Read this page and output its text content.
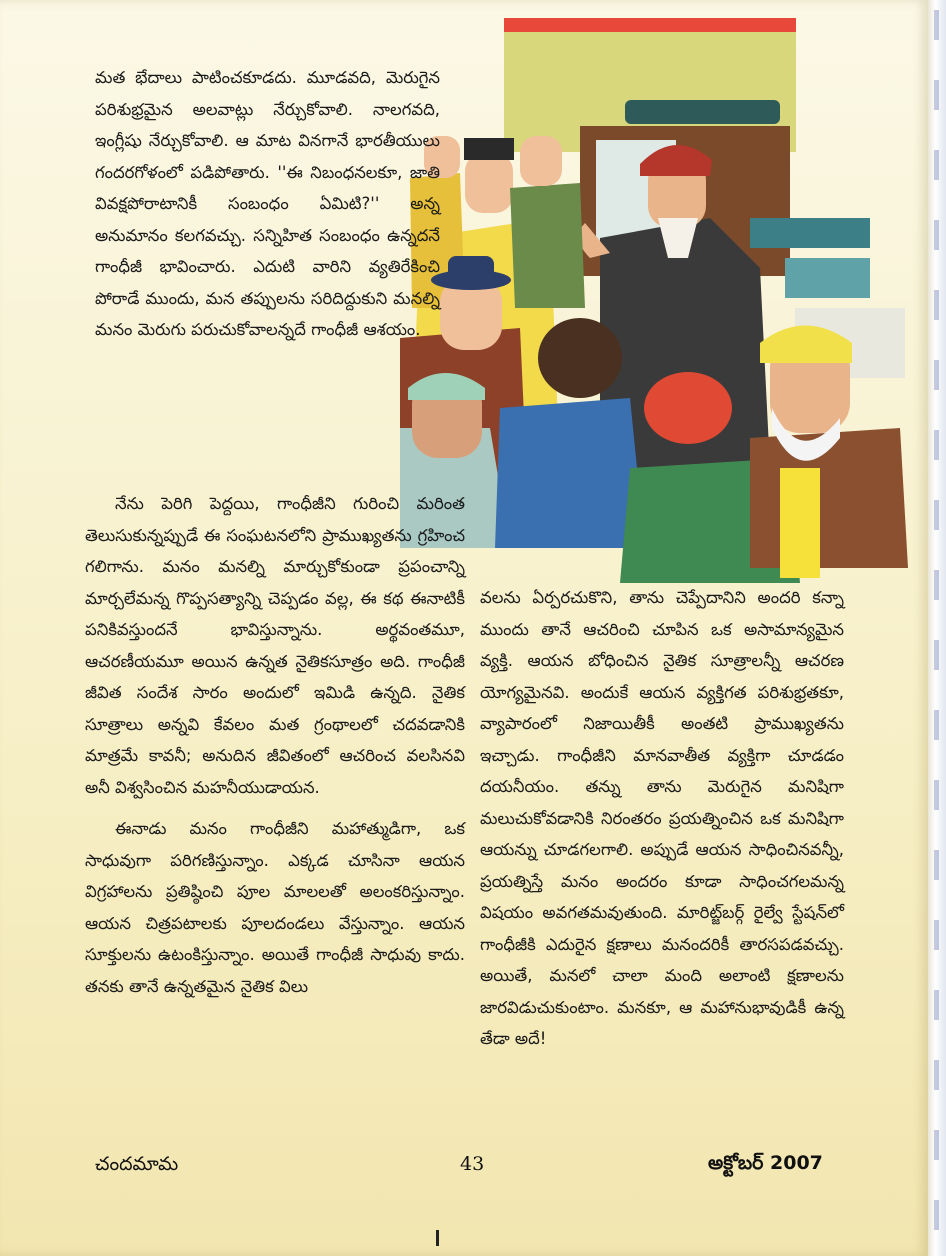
మత భేదాలు పాటించకూడదు. మూడవది, మెరుగైన పరిశుభ్రమైన అలవాట్లు నేర్చుకోవాలి. నాలగవది, ఇంగ్లీషు నేర్చుకోవాలి. ఆ మాట వినగానే భారతీయులు గందరగోళంలో పడిపోతారు. ''ఈ నిబంధనలకూ, జాతి వివక్షపోరాటానికీ సంబంధం ఏమిటి?'' అన్న అనుమానం కలగవచ్చు. సన్నిహిత సంబంధం ఉన్నదనే గాంధీజీ భావించారు. ఎదుటి వారిని వ్యతిరేకించి పోరాడే ముందు, మన తప్పులను సరిదిద్దుకుని మనల్ని మనం మెరుగు పరుచుకోవాలన్నదే గాంధీజీ ఆశయం.

నేను పెరిగి పెద్దయి, గాంధీజీని గురించి మరింత తెలుసుకున్నప్పుడే ఈ సంఘటనలోని ప్రాముఖ్యతను గ్రహించ గలిగాను. మనం మనల్ని మార్చుకోకుండా ప్రపంచాన్ని మార్చలేమన్న గొప్పసత్యాన్ని చెప్పడం వల్ల, ఈ కథ ఈనాటికీ పనికివస్తుందనే భావిస్తున్నాను. అర్థవంతమూ, ఆచరణీయమూ అయిన ఉన్నత నైతికసూత్రం అది. గాంధీజీ జీవిత సందేశ సారం అందులో ఇమిడి ఉన్నది. నైతిక సూత్రాలు అన్నవి కేవలం మత గ్రంథాలలో చదవడానికి మాత్రమే కావనీ; అనుదిన జీవితంలో ఆచరించ వలసినవి అనీ విశ్వసించిన మహనీయుడాయన.

ఈనాడు మనం గాంధీజీని మహాత్ముడిగా, ఒక సాధువుగా పరిగణిస్తున్నాం. ఎక్కడ చూసినా ఆయన విగ్రహాలను ప్రతిష్ఠించి పూల మాలలతో అలంకరిస్తున్నాం. ఆయన చిత్రపటాలకు పూలదండలు వేస్తున్నాం. ఆయన సూక్తులను ఉటంకిస్తున్నాం. అయితే గాంధీజీ సాధువు కాదు. తనకు తానే ఉన్నతమైన నైతిక విలు

వలను ఏర్పరచుకొని, తాను చెప్పేదానిని అందరి కన్నా ముందు తానే ఆచరించి చూపిన ఒక అసామాన్యమైన వ్యక్తి. ఆయన బోధించిన నైతిక సూత్రాలన్నీ ఆచరణ యోగ్యమైనవి. అందుకే ఆయన వ్యక్తిగత పరిశుభ్రతకూ, వ్యాపారంలో నిజాయితీకీ అంతటి ప్రాముఖ్యతను ఇచ్చాడు. గాంధీజీని మానవాతీత వ్యక్తిగా చూడడం దయనీయం. తన్ను తాను మెరుగైన మనిషిగా మలుచుకోవడానికి నిరంతరం ప్రయత్నించిన ఒక మనిషిగా ఆయన్ను చూడగలగాలి. అప్పుడే ఆయన సాధించినవన్నీ, ప్రయత్నిస్తే మనం అందరం కూడా సాధించగలమన్న విషయం అవగతమవుతుంది. మారిట్జ్‌బర్గ్ రైల్వే స్టేషన్‌లో గాంధీజీకి ఎదురైన క్షణాలు మనందరికీ తారసపడవచ్చు. అయితే, మనలో చాలా మంది అలాంటి క్షణాలను జారవిడుచుకుంటాం. మనకూ, ఆ మహానుభావుడికీ ఉన్న తేడా అదే!

చందమామ	43	అక్టోబర్ 2007
